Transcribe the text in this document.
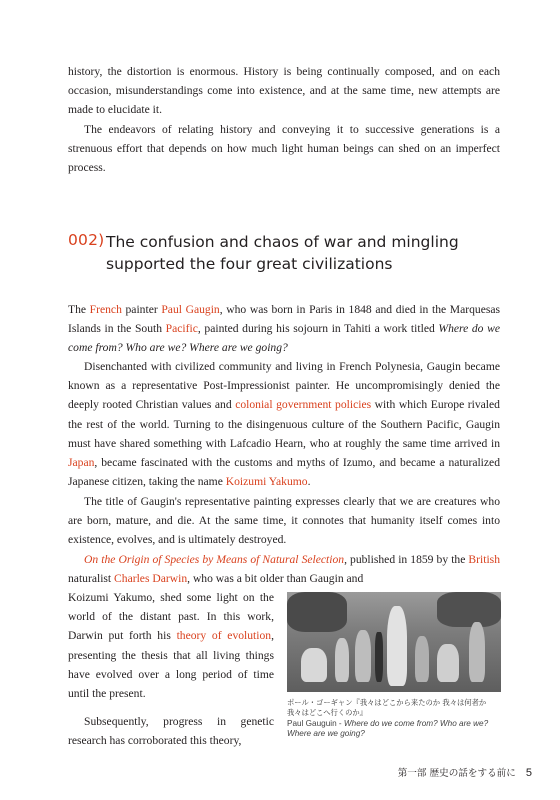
history, the distortion is enormous. History is being continually composed, and on each occasion, misunderstandings come into existence, and at the same time, new attempts are made to elucidate it.

The endeavors of relating history and conveying it to successive generations is a strenuous effort that depends on how much light human beings can shed on an imperfect process.

002) The confusion and chaos of war and mingling supported the four great civilizations

The French painter Paul Gaugin, who was born in Paris in 1848 and died in the Marquesas Islands in the South Pacific, painted during his sojourn in Tahiti a work titled Where do we come from? Who are we? Where are we going?

Disenchanted with civilized community and living in French Polynesia, Gaugin became known as a representative Post-Impressionist painter. He uncompromisingly denied the deeply rooted Christian values and colonial government policies with which Europe rivaled the rest of the world. Turning to the disingenuous culture of the Southern Pacific, Gaugin must have shared something with Lafcadio Hearn, who at roughly the same time arrived in Japan, became fascinated with the customs and myths of Izumo, and became a naturalized Japanese citizen, taking the name Koizumi Yakumo.

The title of Gaugin's representative painting expresses clearly that we are creatures who are born, mature, and die. At the same time, it connotes that humanity itself comes into existence, evolves, and is ultimately destroyed.

On the Origin of Species by Means of Natural Selection, published in 1859 by the British naturalist Charles Darwin, who was a bit older than Gaugin and

Koizumi Yakumo, shed some light on the world of the distant past. In this work, Darwin put forth his theory of evolution, presenting the thesis that all living things have evolved over a long period of time until the present.

Subsequently, progress in genetic research has corroborated this theory,

ポール・ゴーギャン『我々はどこから来たのか 我々は何者か 我々はどこへ行くのか』
Paul Gauguin - Where do we come from? Who are we? Where are we going?
第一部 歴史の話をする前に 5
